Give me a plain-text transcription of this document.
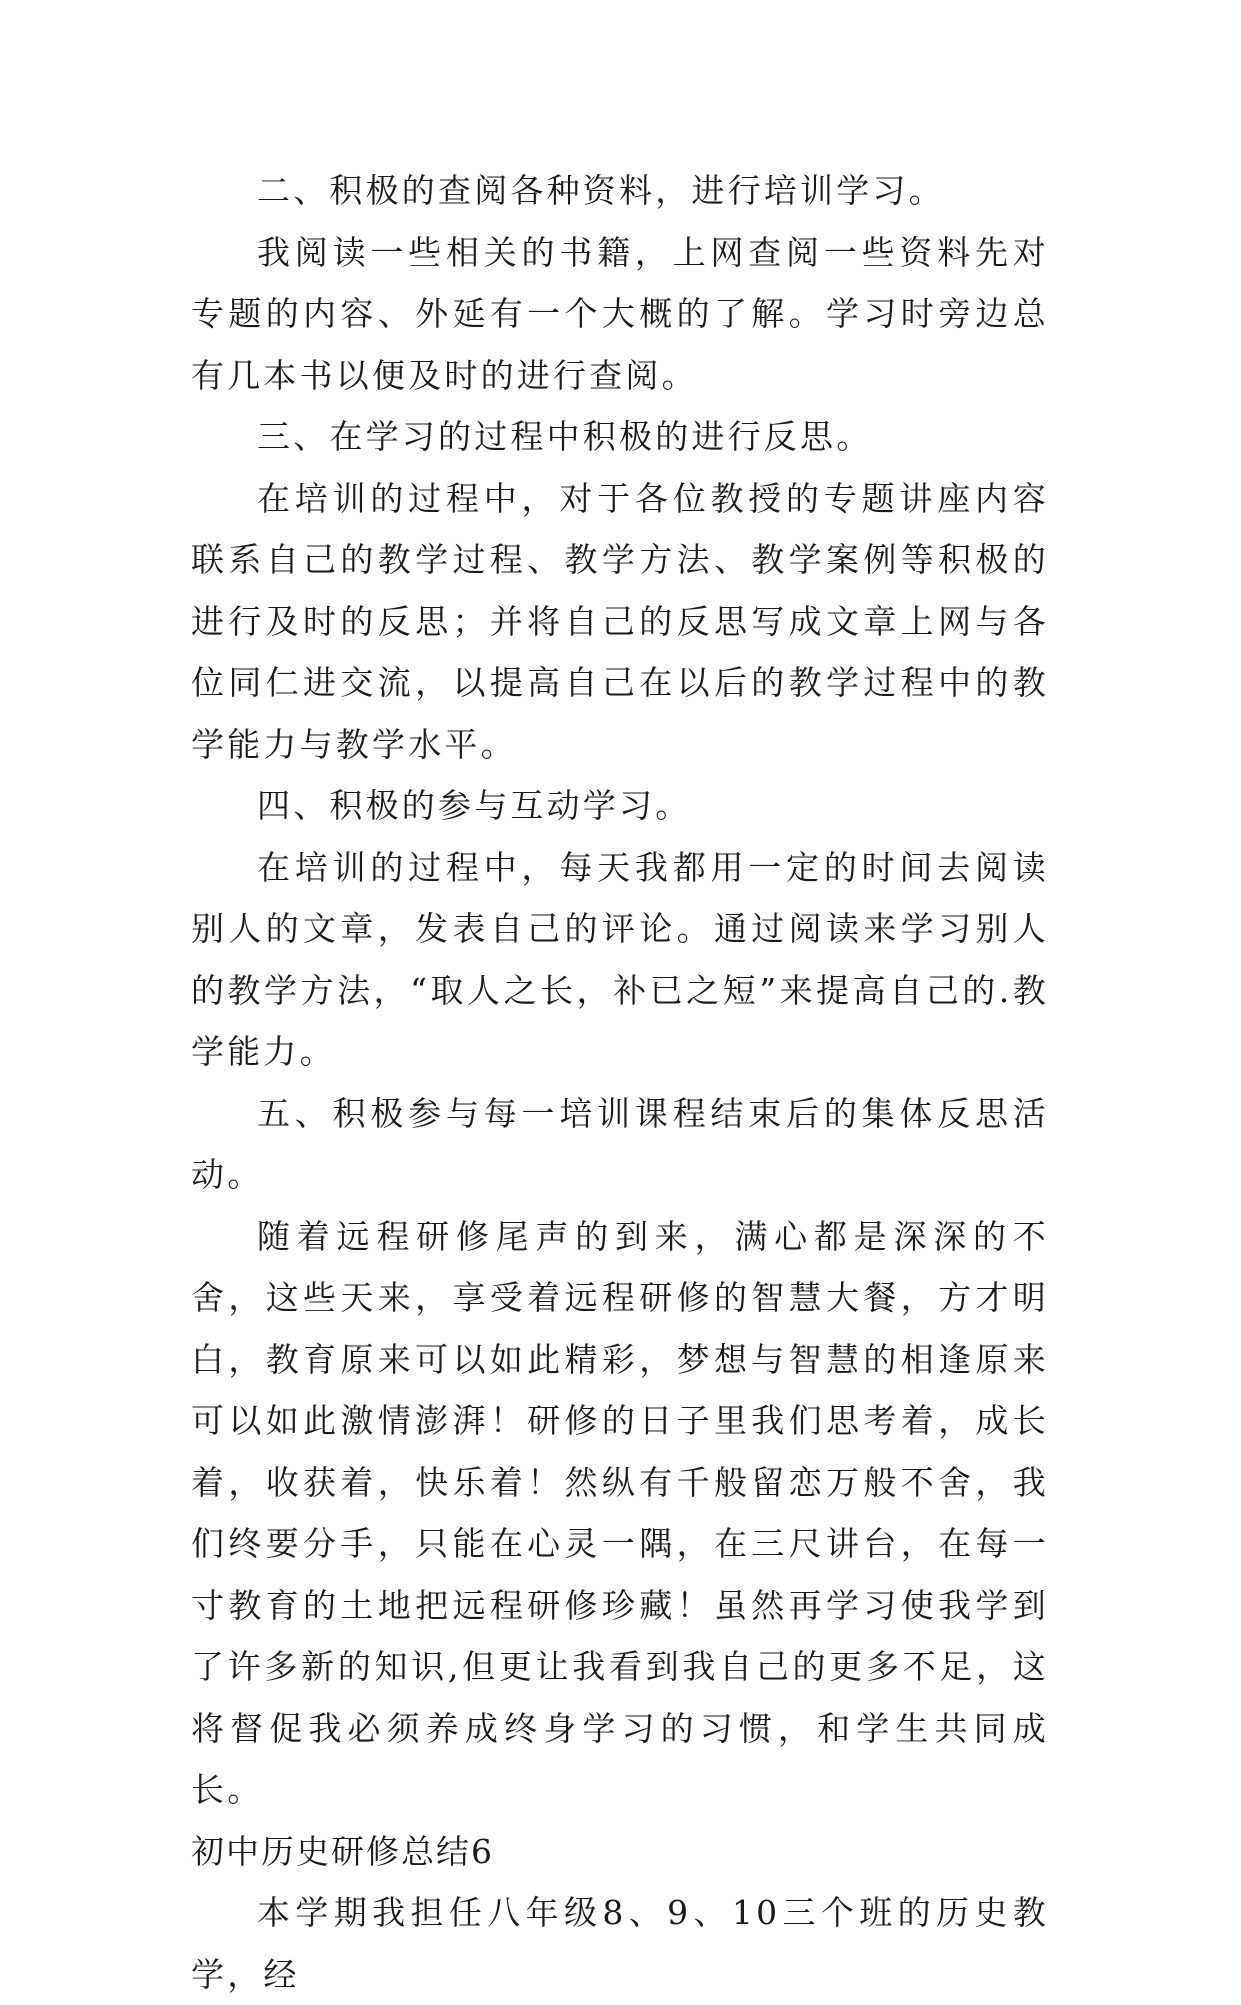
二、积极的查阅各种资料，进行培训学习。

我阅读一些相关的书籍，上网查阅一些资料先对专题的内容、外延有一个大概的了解。学习时旁边总有几本书以便及时的进行查阅。

三、在学习的过程中积极的进行反思。

在培训的过程中，对于各位教授的专题讲座内容联系自己的教学过程、教学方法、教学案例等积极的进行及时的反思；并将自己的反思写成文章上网与各位同仁进交流，以提高自己在以后的教学过程中的教学能力与教学水平。

四、积极的参与互动学习。

在培训的过程中，每天我都用一定的时间去阅读别人的文章，发表自己的评论。通过阅读来学习别人的教学方法，“取人之长，补已之短”来提高自己的.教学能力。

五、积极参与每一培训课程结束后的集体反思活动。

随着远程研修尾声的到来，满心都是深深的不舍，这些天来，享受着远程研修的智慧大餐，方才明白，教育原来可以如此精彩，梦想与智慧的相逢原来可以如此激情澎湃！研修的日子里我们思考着，成长着，收获着，快乐着！然纵有千般留恋万般不舍，我们终要分手，只能在心灵一隅，在三尺讲台，在每一寸教育的土地把远程研修珍藏！虽然再学习使我学到了许多新的知识,但更让我看到我自己的更多不足，这将督促我必须养成终身学习的习惯，和学生共同成长。

初中历史研修总结6

本学期我担任八年级8、9、10三个班的历史教学，经
